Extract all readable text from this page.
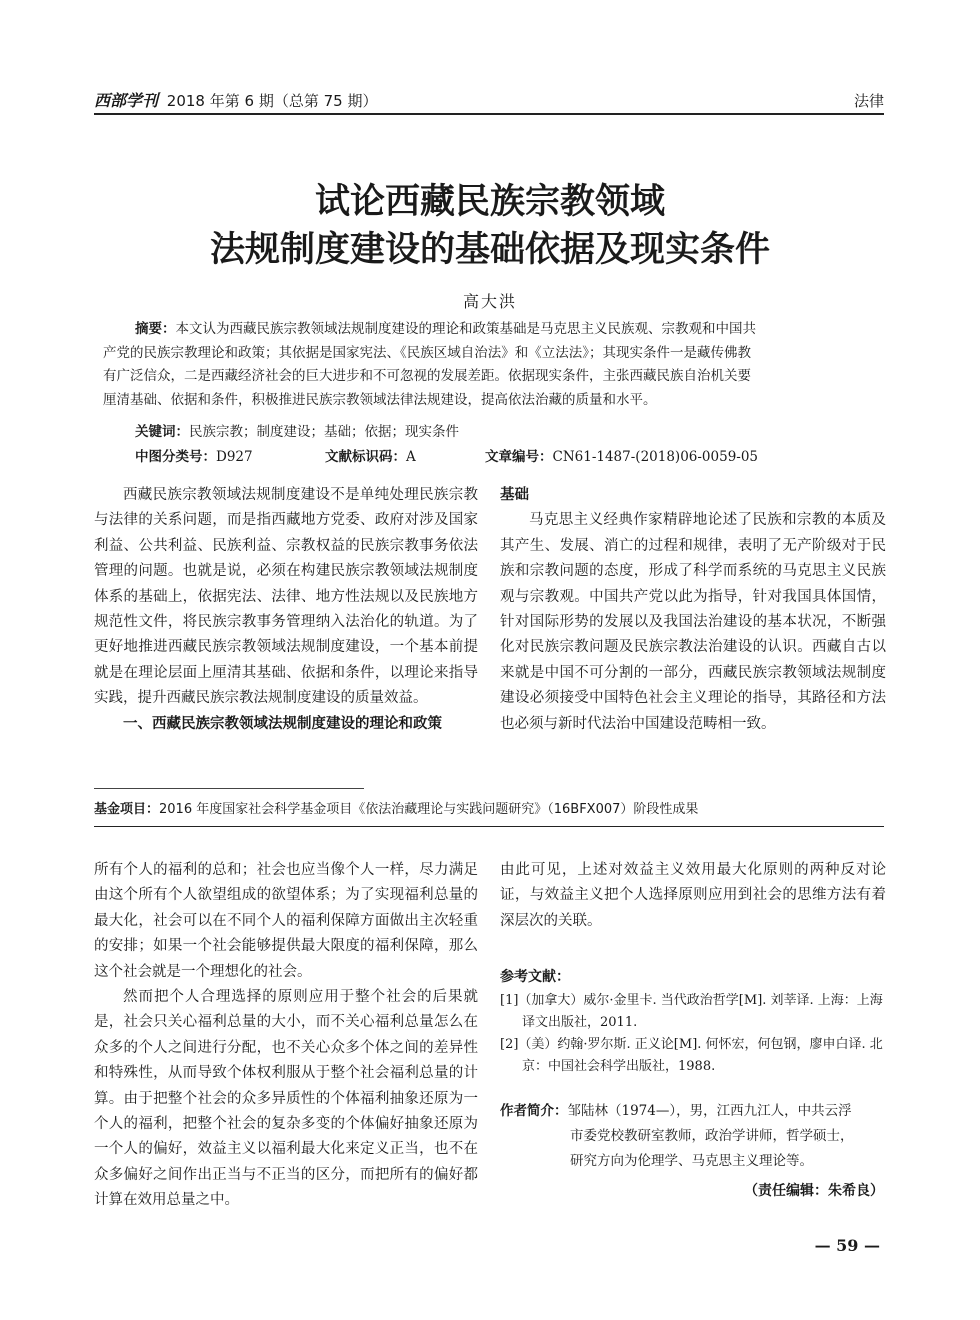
西部学刊 2018 年第 6 期（总第 75 期）	法律
试论西藏民族宗教领域
法规制度建设的基础依据及现实条件
高大洪
摘要：本文认为西藏民族宗教领域法规制度建设的理论和政策基础是马克思主义民族观、宗教观和中国共
产党的民族宗教理论和政策；其依据是国家宪法、《民族区域自治法》和《立法法》；其现实条件一是藏传佛教
有广泛信众，二是西藏经济社会的巨大进步和不可忽视的发展差距。依据现实条件，主张西藏民族自治机关要
厘清基础、依据和条件，积极推进民族宗教领域法律法规建设，提高依法治藏的质量和水平。
关键词：民族宗教；制度建设；基础；依据；现实条件
中图分类号：D927	文献标识码：A	文章编号：CN61-1487-(2018)06-0059-05

西藏民族宗教领域法规制度建设不是单纯处理民族宗教与法律的关系问题，而是指西藏地方党委、政府对涉及国家利益、公共利益、民族利益、宗教权益的民族宗教事务依法管理的问题。也就是说，必须在构建民族宗教领域法规制度体系的基础上，依据宪法、法律、地方性法规以及民族地方规范性文件，将民族宗教事务管理纳入法治化的轨道。为了更好地推进西藏民族宗教领域法规制度建设，一个基本前提就是在理论层面上厘清其基础、依据和条件，以理论来指导实践，提升西藏民族宗教法规制度建设的质量效益。

一、西藏民族宗教领域法规制度建设的理论和政策

基础

马克思主义经典作家精辟地论述了民族和宗教的本质及其产生、发展、消亡的过程和规律，表明了无产阶级对于民族和宗教问题的态度，形成了科学而系统的马克思主义民族观与宗教观。中国共产党以此为指导，针对我国具体国情，针对国际形势的发展以及我国法治建设的基本状况，不断强化对民族宗教问题及民族宗教法治建设的认识。西藏自古以来就是中国不可分割的一部分，西藏民族宗教领域法规制度建设必须接受中国特色社会主义理论的指导，其路径和方法也必须与新时代法治中国建设范畴相一致。

基金项目：2016 年度国家社会科学基金项目《依法治藏理论与实践问题研究》（16BFX007）阶段性成果

所有个人的福利的总和；社会也应当像个人一样，尽力满足由这个所有个人欲望组成的欲望体系；为了实现福利总量的最大化，社会可以在不同个人的福利保障方面做出主次轻重的安排；如果一个社会能够提供最大限度的福利保障，那么这个社会就是一个理想化的社会。

然而把个人合理选择的原则应用于整个社会的后果就是，社会只关心福利总量的大小，而不关心福利总量怎么在众多的个人之间进行分配，也不关心众多个体之间的差异性和特殊性，从而导致个体权利服从于整个社会福利总量的计算。由于把整个社会的众多异质性的个体福利抽象还原为一个人的福利，把整个社会的复杂多变的个体偏好抽象还原为一个人的偏好，效益主义以福利最大化来定义正当，也不在众多偏好之间作出正当与不正当的区分，而把所有的偏好都计算在效用总量之中。

由此可见，上述对效益主义效用最大化原则的两种反对论证，与效益主义把个人选择原则应用到社会的思维方法有着深层次的关联。

参考文献：
[1]（加拿大）威尔·金里卡. 当代政治哲学[M]. 刘莘译. 上海：上海译文出版社，2011.
[2]（美）约翰·罗尔斯. 正义论[M]. 何怀宏，何包钢，廖申白译. 北京：中国社会科学出版社，1988.
作者简介：邹陆林（1974—），男，江西九江人，中共云浮
市委党校教研室教师，政治学讲师，哲学硕士，
研究方向为伦理学、马克思主义理论等。
（责任编辑：朱希良）
— 59 —
